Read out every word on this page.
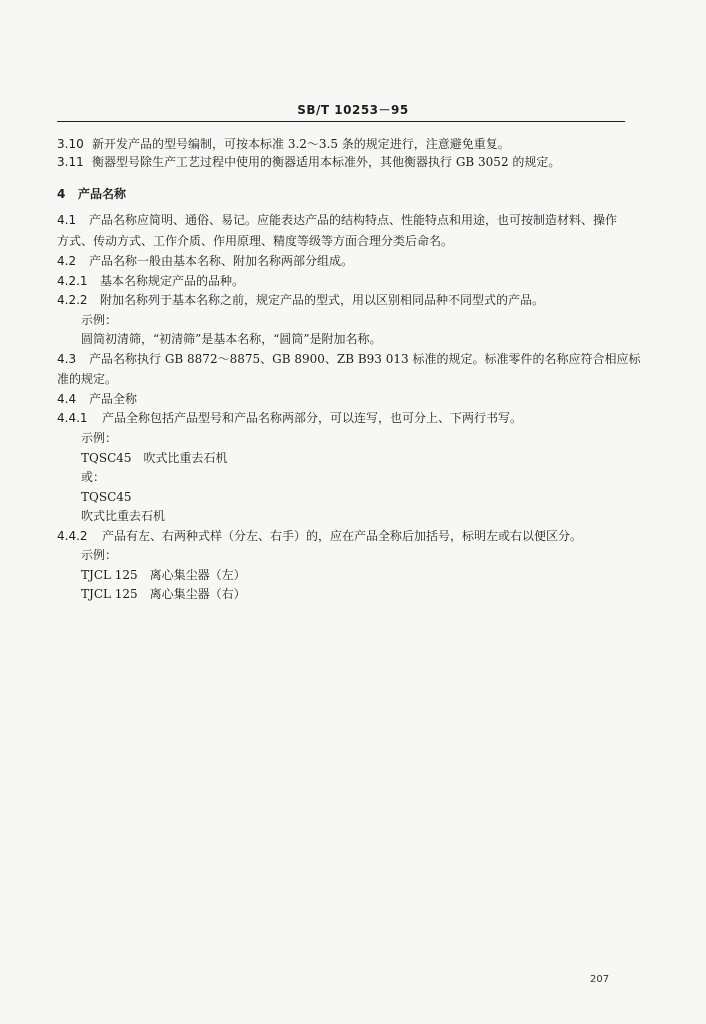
SB/T 10253－95
3.10 新开发产品的型号编制，可按本标准 3.2～3.5 条的规定进行，注意避免重复。
3.11 衡器型号除生产工艺过程中使用的衡器适用本标准外，其他衡器执行 GB 3052 的规定。
4 产品名称
4.1 产品名称应简明、通俗、易记。应能表达产品的结构特点、性能特点和用途，也可按制造材料、操作
方式、传动方式、工作介质、作用原理、精度等级等方面合理分类后命名。
4.2 产品名称一般由基本名称、附加名称两部分组成。
4.2.1 基本名称规定产品的品种。
4.2.2 附加名称列于基本名称之前，规定产品的型式，用以区别相同品种不同型式的产品。
示例：
圆筒初清筛，“初清筛”是基本名称，“圆筒”是附加名称。
4.3 产品名称执行 GB 8872～8875、GB 8900、ZB B93 013 标准的规定。标准零件的名称应符合相应标
准的规定。
4.4 产品全称
4.4.1 产品全称包括产品型号和产品名称两部分，可以连写，也可分上、下两行书写。
示例：
TQSC45　吹式比重去石机
或：
TQSC45
吹式比重去石机
4.4.2 产品有左、右两种式样（分左、右手）的，应在产品全称后加括号，标明左或右以便区分。
示例：
TJCL 125　离心集尘器（左）
TJCL 125　离心集尘器（右）
207
